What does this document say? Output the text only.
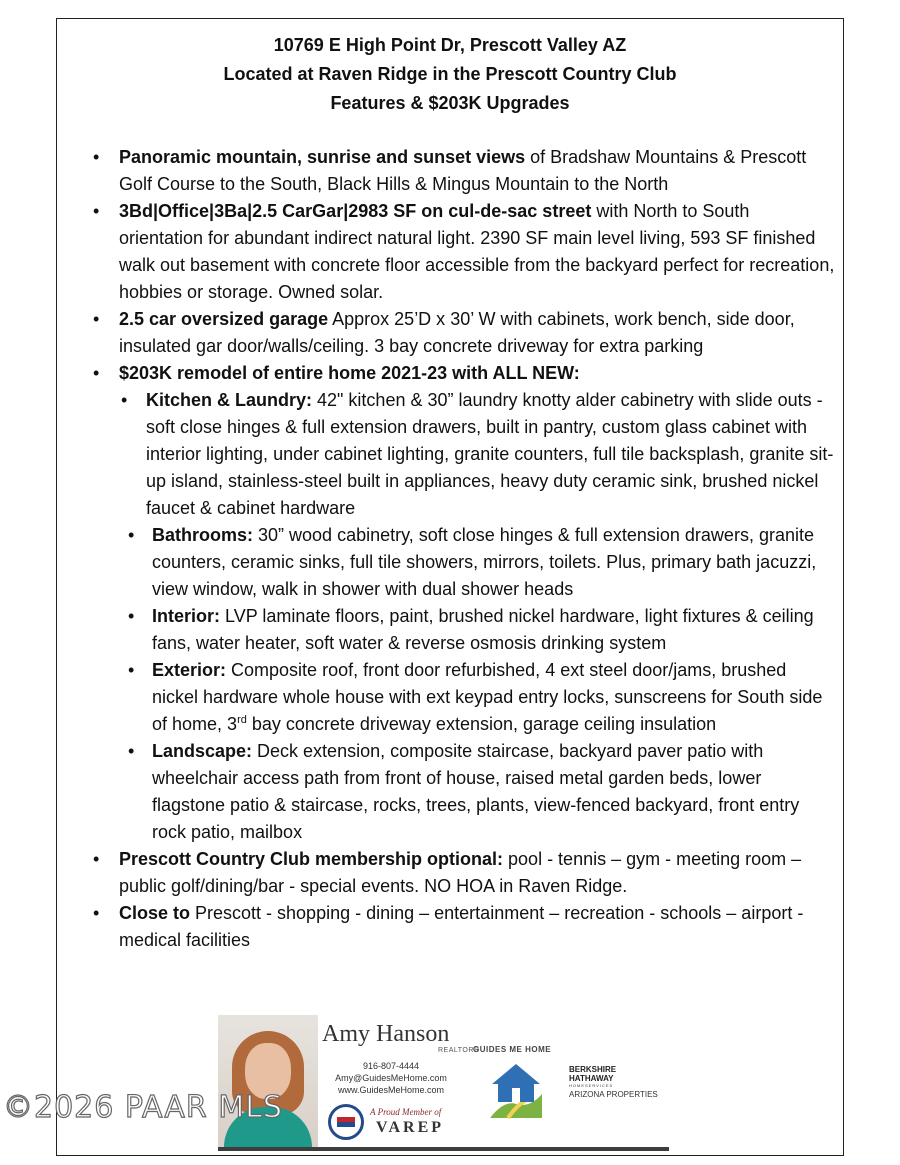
10769 E High Point Dr, Prescott Valley AZ
Located at Raven Ridge in the Prescott Country Club
Features & $203K Upgrades
• Panoramic mountain, sunrise and sunset views of Bradshaw Mountains & Prescott Golf Course to the South, Black Hills & Mingus Mountain to the North
• 3Bd|Office|3Ba|2.5 CarGar|2983 SF on cul-de-sac street with North to South orientation for abundant indirect natural light. 2390 SF main level living, 593 SF finished walk out basement with concrete floor accessible from the backyard perfect for recreation, hobbies or storage. Owned solar.
• 2.5 car oversized garage Approx 25’D x 30’ W with cabinets, work bench, side door, insulated gar door/walls/ceiling. 3 bay concrete driveway for extra parking
• $203K remodel of entire home 2021-23 with ALL NEW:
• Kitchen & Laundry: 42" kitchen & 30” laundry knotty alder cabinetry with slide outs - soft close hinges & full extension drawers, built in pantry, custom glass cabinet with interior lighting, under cabinet lighting, granite counters, full tile backsplash, granite sit-up island, stainless-steel built in appliances, heavy duty ceramic sink, brushed nickel faucet & cabinet hardware
• Bathrooms: 30” wood cabinetry, soft close hinges & full extension drawers, granite counters, ceramic sinks, full tile showers, mirrors, toilets. Plus, primary bath jacuzzi, view window, walk in shower with dual shower heads
• Interior: LVP laminate floors, paint, brushed nickel hardware, light fixtures & ceiling fans, water heater, soft water & reverse osmosis drinking system
• Exterior: Composite roof, front door refurbished, 4 ext steel door/jams, brushed nickel hardware whole house with ext keypad entry locks, sunscreens for South side of home, 3rd bay concrete driveway extension, garage ceiling insulation
• Landscape: Deck extension, composite staircase, backyard paver patio with wheelchair access path from front of house, raised metal garden beds, lower flagstone patio & staircase, rocks, trees, plants, view-fenced backyard, front entry rock patio, mailbox
• Prescott Country Club membership optional: pool - tennis – gym - meeting room – public golf/dining/bar - special events. NO HOA in Raven Ridge.
• Close to Prescott - shopping - dining – entertainment – recreation - schools – airport - medical facilities
Amy Hanson
REALTOR®
916-807-4444
Amy@GuidesMeHome.com
www.GuidesMeHome.com
A Proud Member of
VAREP
GUIDES ME HOME
BERKSHIRE
HATHAWAY
HOMESERVICES
ARIZONA PROPERTIES
©2026 PAAR MLS
